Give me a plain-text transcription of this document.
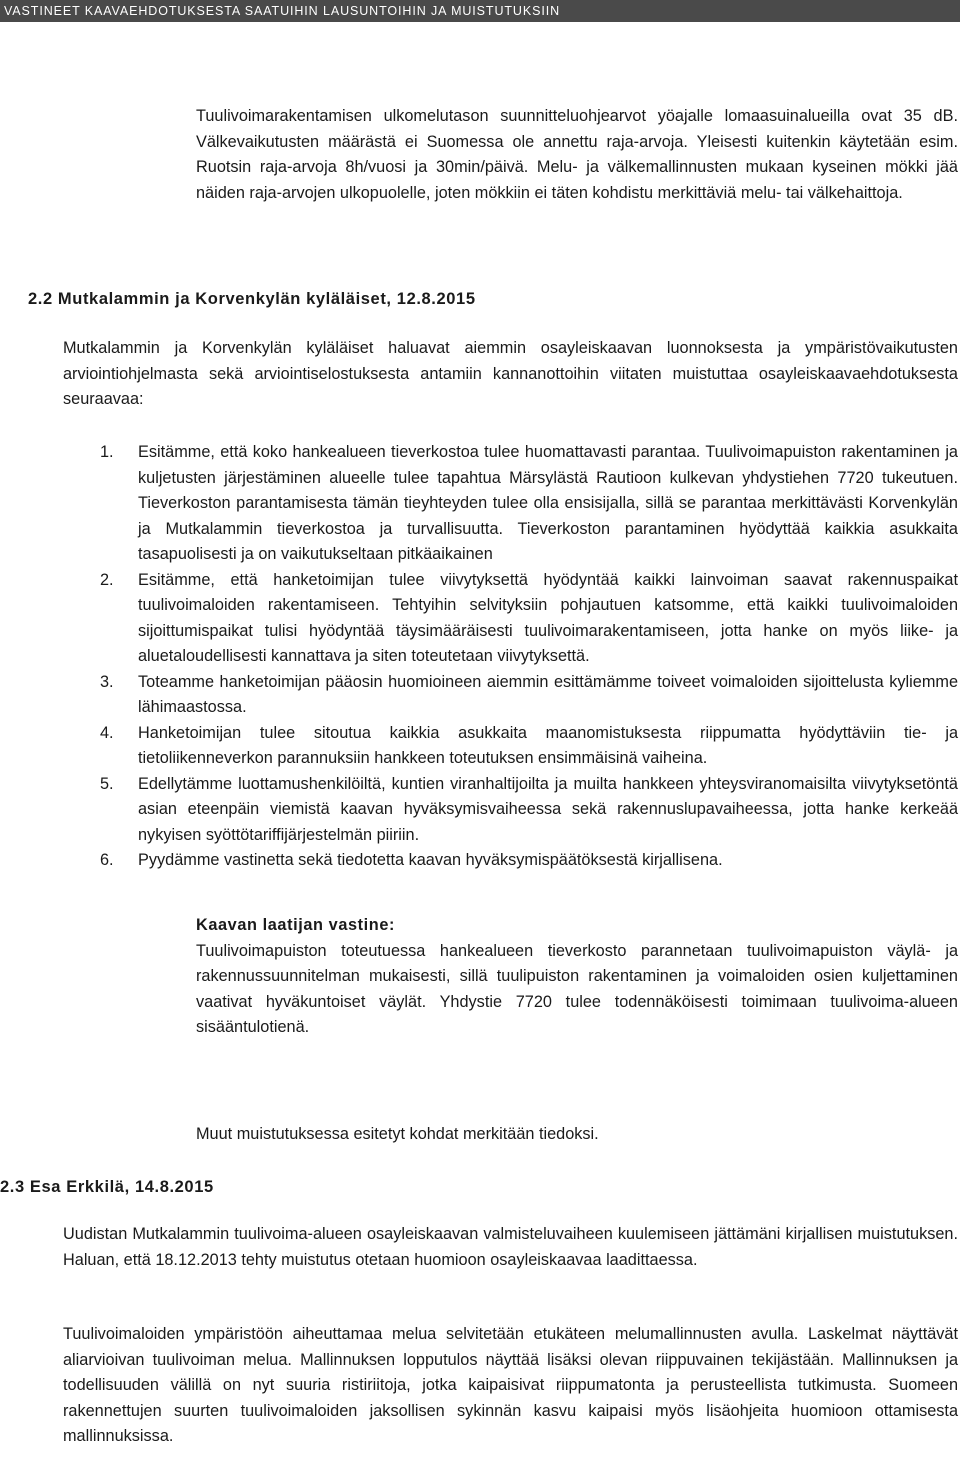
VASTINEET KAAVAEHDOTUKSESTA SAATUIHIN LAUSUNTOIHIN JA MUISTUTUKSIIN

Tuulivoimarakentamisen ulkomelutason suunnitteluohjearvot yöajalle lomaasuinalueilla ovat 35 dB. Välkevaikutusten määrästä ei Suomessa ole annettu raja-arvoja. Yleisesti kuitenkin käytetään esim. Ruotsin raja-arvoja 8h/vuosi ja 30min/päivä. Melu- ja välkemallinnusten mukaan kyseinen mökki jää näiden raja-arvojen ulkopuolelle, joten mökkiin ei täten kohdistu merkittäviä melu- tai välkehaittoja.

2.2 Mutkalammin ja Korvenkylän kyläläiset, 12.8.2015

Mutkalammin ja Korvenkylän kyläläiset haluavat aiemmin osayleiskaavan luonnoksesta ja ympäristövaikutusten arviointiohjelmasta sekä arviointiselostuksesta antamiin kannanottoihin viitaten muistuttaa osayleiskaavaehdotuksesta seuraavaa:

1. Esitämme, että koko hankealueen tieverkostoa tulee huomattavasti parantaa. Tuulivoimapuiston rakentaminen ja kuljetusten järjestäminen alueelle tulee tapahtua Märsylästä Rautioon kulkevan yhdystiehen 7720 tukeutuen. Tieverkoston parantamisesta tämän tieyhteyden tulee olla ensisijalla, sillä se parantaa merkittävästi Korvenkylän ja Mutkalammin tieverkostoa ja turvallisuutta. Tieverkoston parantaminen hyödyttää kaikkia asukkaita tasapuolisesti ja on vaikutukseltaan pitkäaikainen
2. Esitämme, että hanketoimijan tulee viivytyksettä hyödyntää kaikki lainvoiman saavat rakennuspaikat tuulivoimaloiden rakentamiseen. Tehtyihin selvityksiin pohjautuen katsomme, että kaikki tuulivoimaloiden sijoittumispaikat tulisi hyödyntää täysimääräisesti tuulivoimarakentamiseen, jotta hanke on myös liike- ja aluetaloudellisesti kannattava ja siten toteutetaan viivytyksettä.
3. Toteamme hanketoimijan pääosin huomioineen aiemmin esittämämme toiveet voimaloiden sijoittelusta kyliemme lähimaastossa.
4. Hanketoimijan tulee sitoutua kaikkia asukkaita maanomistuksesta riippumatta hyödyttäviin tie- ja tietoliikenneverkon parannuksiin hankkeen toteutuksen ensimmäisinä vaiheina.
5. Edellytämme luottamushenkilöiltä, kuntien viranhaltijoilta ja muilta hankkeen yhteysviranomaisilta viivytyksetöntä asian eteenpäin viemistä kaavan hyväksymisvaiheessa sekä rakennuslupavaiheessa, jotta hanke kerkeää nykyisen syöttötariffijärjestelmän piiriin.
6. Pyydämme vastinetta sekä tiedotetta kaavan hyväksymispäätöksestä kirjallisena.
Kaavan laatijan vastine:
Tuulivoimapuiston toteutuessa hankealueen tieverkosto parannetaan tuulivoimapuiston väylä- ja rakennussuunnitelman mukaisesti, sillä tuulipuiston rakentaminen ja voimaloiden osien kuljettaminen vaativat hyväkuntoiset väylät. Yhdystie 7720 tulee todennäköisesti toimimaan tuulivoima-alueen sisääntulotienä.

Muut muistutuksessa esitetyt kohdat merkitään tiedoksi.

2.3 Esa Erkkilä, 14.8.2015

Uudistan Mutkalammin tuulivoima-alueen osayleiskaavan valmisteluvaiheen kuulemiseen jättämäni kirjallisen muistutuksen. Haluan, että 18.12.2013 tehty muistutus otetaan huomioon osayleiskaavaa laadittaessa.

Tuulivoimaloiden ympäristöön aiheuttamaa melua selvitetään etukäteen melumallinnusten avulla. Laskelmat näyttävät aliarvioivan tuulivoiman melua. Mallinnuksen lopputulos näyttää lisäksi olevan riippuvainen tekijästään. Mallinnuksen ja todellisuuden välillä on nyt suuria ristiriitoja, jotka kaipaisivat riippumatonta ja perusteellista tutkimusta. Suomeen rakennettujen suurten tuulivoimaloiden jaksollisen sykinnän kasvu kaipaisi myös lisäohjeita huomioon ottamisesta mallinnuksissa.
